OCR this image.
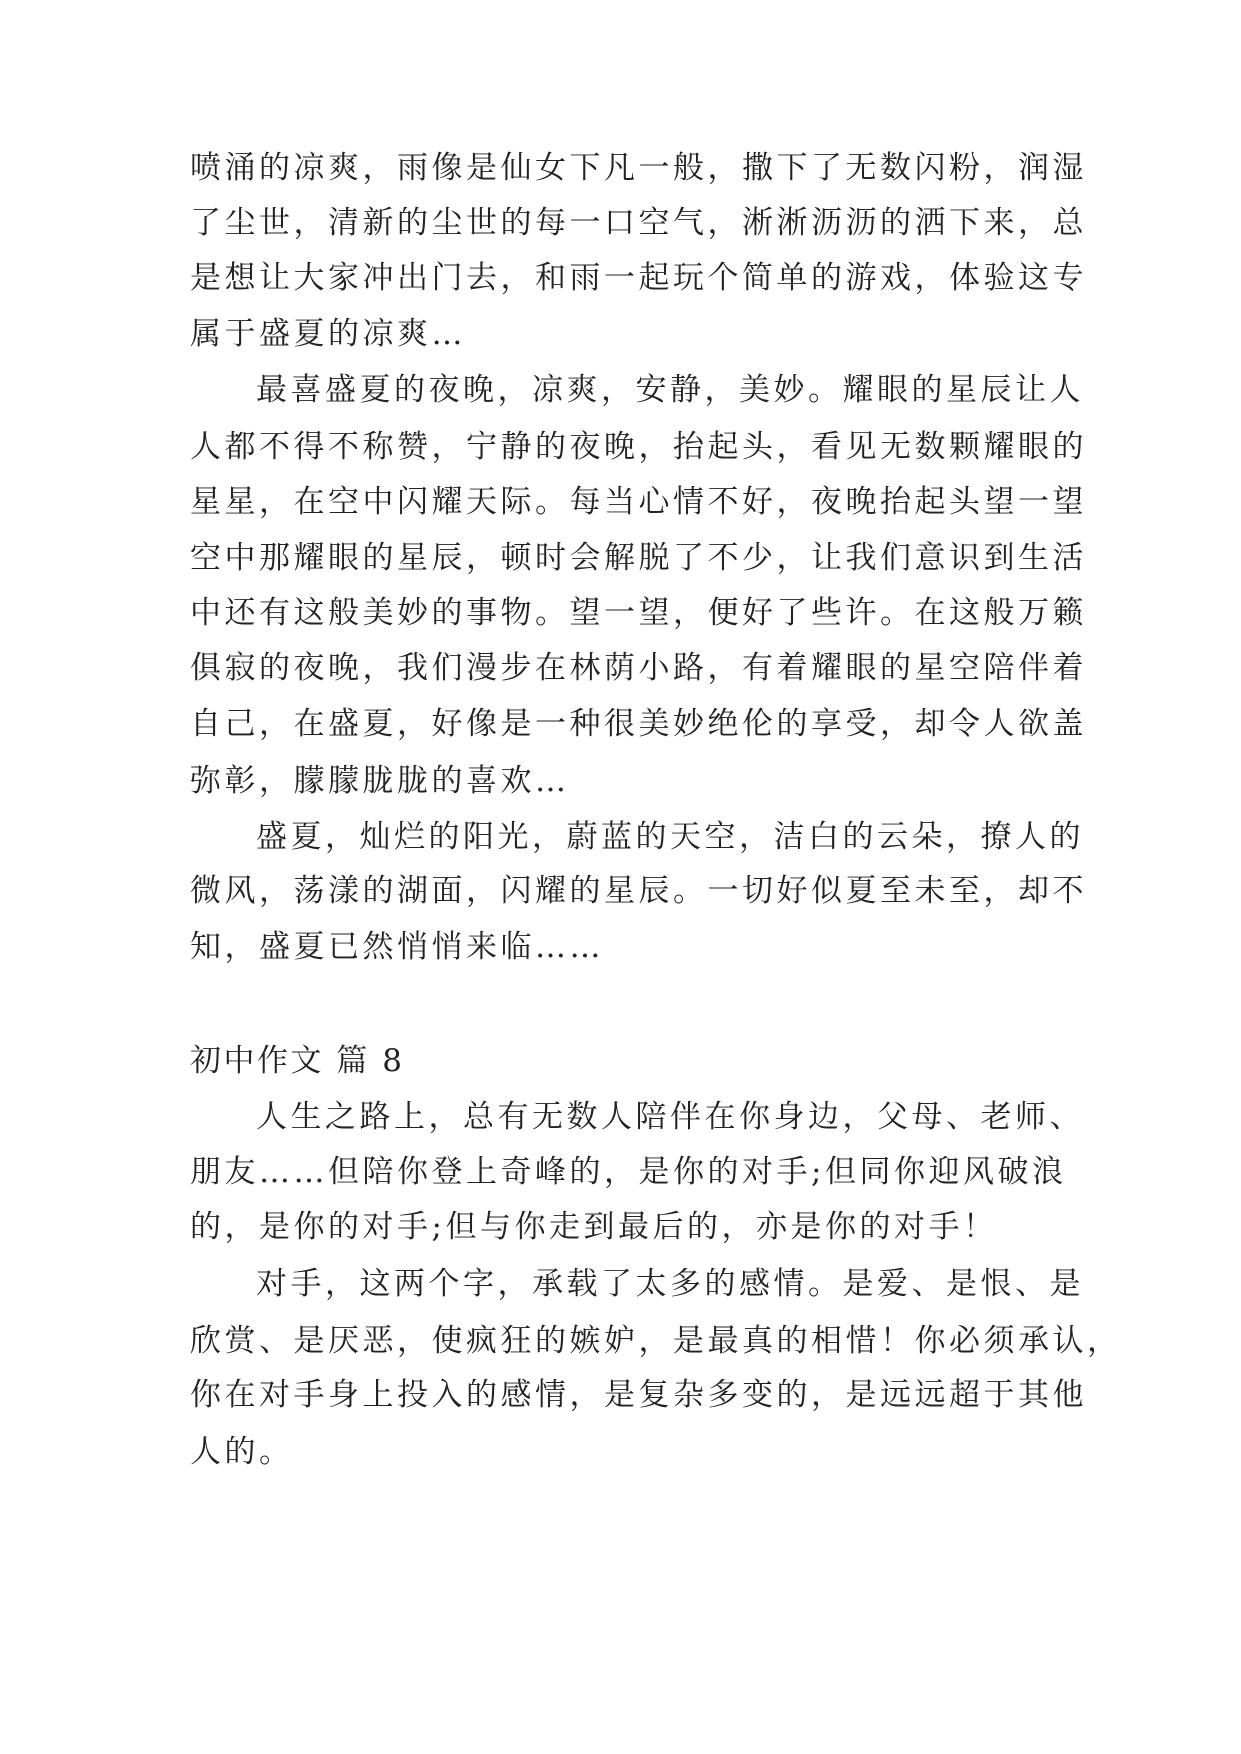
喷涌的凉爽，雨像是仙女下凡一般，撒下了无数闪粉，润湿
了尘世，清新的尘世的每一口空气，淅淅沥沥的洒下来，总
是想让大家冲出门去，和雨一起玩个简单的游戏，体验这专
属于盛夏的凉爽…
最喜盛夏的夜晚，凉爽，安静，美妙。耀眼的星辰让人
人都不得不称赞，宁静的夜晚，抬起头，看见无数颗耀眼的
星星，在空中闪耀天际。每当心情不好，夜晚抬起头望一望
空中那耀眼的星辰，顿时会解脱了不少，让我们意识到生活
中还有这般美妙的事物。望一望，便好了些许。在这般万籁
俱寂的夜晚，我们漫步在林荫小路，有着耀眼的星空陪伴着
自己，在盛夏，好像是一种很美妙绝伦的享受，却令人欲盖
弥彰，朦朦胧胧的喜欢…
盛夏，灿烂的阳光，蔚蓝的天空，洁白的云朵，撩人的
微风，荡漾的湖面，闪耀的星辰。一切好似夏至未至，却不
知，盛夏已然悄悄来临……
初中作文 篇 8
人生之路上，总有无数人陪伴在你身边，父母、老师、
朋友……但陪你登上奇峰的，是你的对手;但同你迎风破浪
的，是你的对手;但与你走到最后的，亦是你的对手！
对手，这两个字，承载了太多的感情。是爱、是恨、是
欣赏、是厌恶，使疯狂的嫉妒，是最真的相惜！你必须承认，
你在对手身上投入的感情，是复杂多变的，是远远超于其他
人的。
